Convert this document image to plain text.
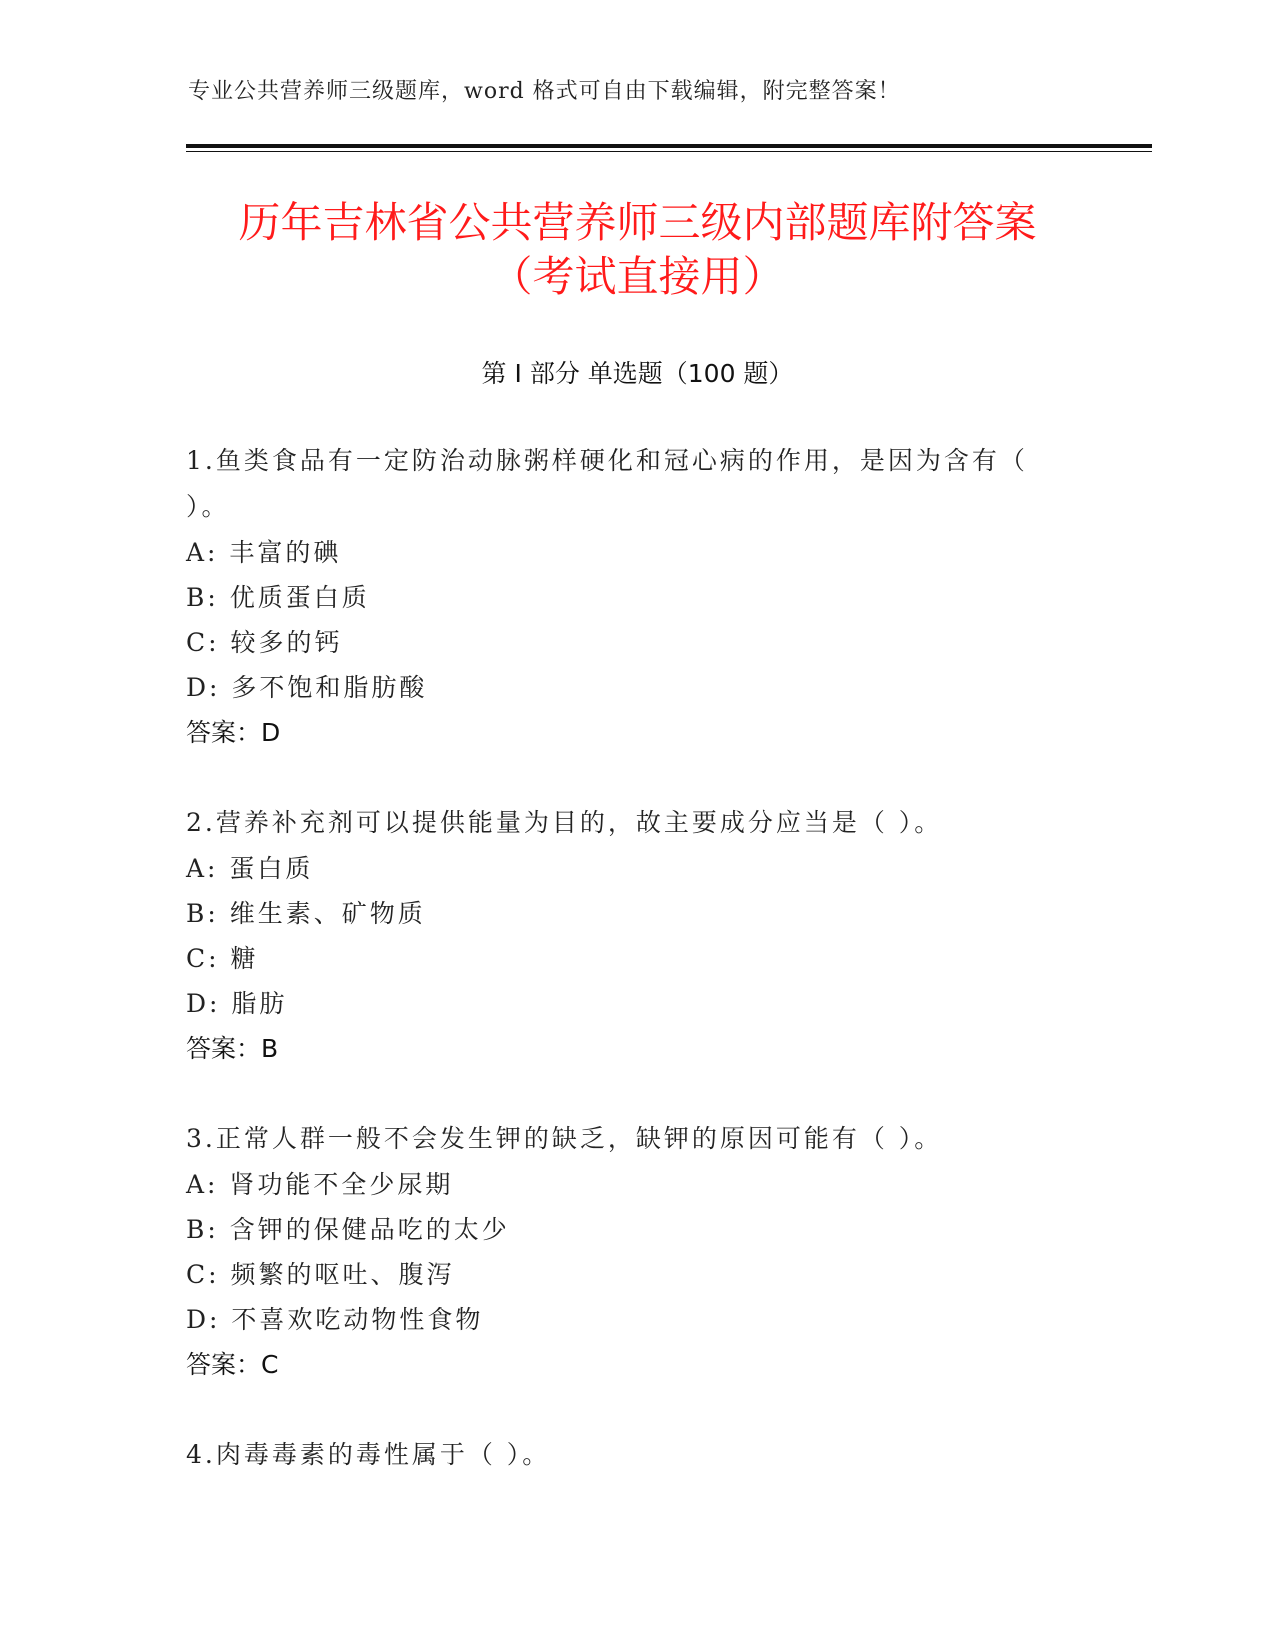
专业公共营养师三级题库，word 格式可自由下载编辑，附完整答案！
历年吉林省公共营养师三级内部题库附答案
（考试直接用）
第 I 部分 单选题（100 题）
1.鱼类食品有一定防治动脉粥样硬化和冠心病的作用，是因为含有（
）。
A: 丰富的碘
B: 优质蛋白质
C: 较多的钙
D: 多不饱和脂肪酸
答案：D
2.营养补充剂可以提供能量为目的，故主要成分应当是（ ）。
A: 蛋白质
B: 维生素、矿物质
C: 糖
D: 脂肪
答案：B
3.正常人群一般不会发生钾的缺乏，缺钾的原因可能有（ ）。
A: 肾功能不全少尿期
B: 含钾的保健品吃的太少
C: 频繁的呕吐、腹泻
D: 不喜欢吃动物性食物
答案：C
4.肉毒毒素的毒性属于（ ）。
